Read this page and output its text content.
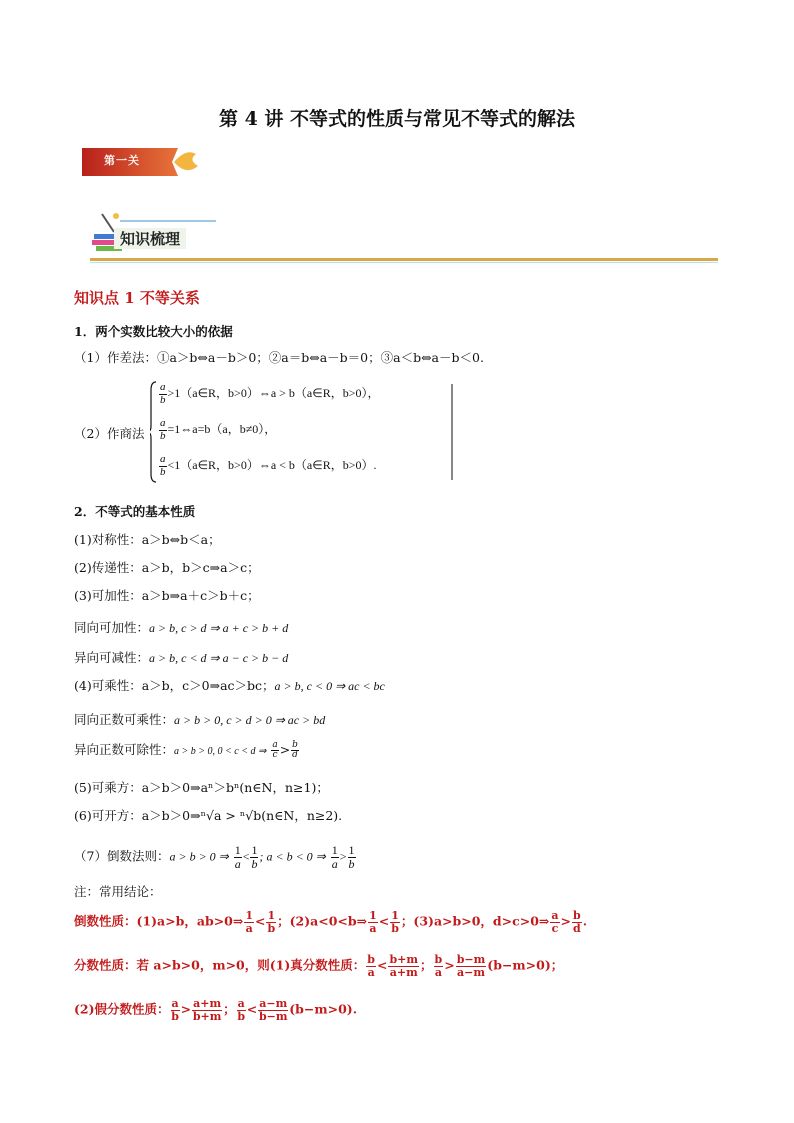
第 4 讲 不等式的性质与常见不等式的解法
第一关
知识梳理
知识点 1 不等关系
1．两个实数比较大小的依据
（1）作差法：①a＞b⇔a－b＞0；②a＝b⇔a－b＝0；③a＜b⇔a－b＜0.
（2）作商法
$\frac{a}{b}$ >1（a∈R，b>0）⇔a > b（a∈R，b>0），
$\frac{a}{b}$ =1⇔a=b（a，b≠0），
$\frac{a}{b}$ <1（a∈R，b>0）⇔a < b（a∈R，b>0）.
2．不等式的基本性质
(1)对称性：a＞b⇔b＜a；
(2)传递性：a＞b，b＞c⇒a＞c；
(3)可加性：a＞b⇒a＋c＞b＋c；
同向可加性：a > b, c > d ⇒ a + c > b + d
异向可减性：a > b, c < d ⇒ a − c > b − d
(4)可乘性：a＞b，c＞0⇒ac＞bc；a > b, c < 0 ⇒ ac < bc
同向正数可乘性：a > b > 0, c > d > 0 ⇒ ac > bd
异向正数可除性：a > b > 0, 0 < c < d ⇒ $\frac{a}{c} > \frac{b}{d}$
(5)可乘方：a＞b＞0⇒aⁿ＞bⁿ(n∈N，n≥1)；
(6)可开方：a＞b＞0⇒ⁿ√a > ⁿ√b(n∈N，n≥2).
（7）倒数法则：a > b > 0 ⇒ $\frac{1}{a} < \frac{1}{b}$ ; a < b < 0 ⇒ $\frac{1}{a} > \frac{1}{b}$
注：常用结论：
倒数性质：(1)a>b，ab>0⇒ $\frac{1}{a} < \frac{1}{b}$ ；(2)a<0<b⇒ $\frac{1}{a} < \frac{1}{b}$ ；(3)a>b>0，d>c>0⇒ $\frac{a}{c} > \frac{b}{d}$ .
分数性质：若 a>b>0，m>0，则(1)真分数性质： $\frac{b}{a} < \frac{b+m}{a+m}$ ； $\frac{b}{a} > \frac{b-m}{a-m} (b-m>0)$；
(2)假分数性质： $\frac{a}{b} > \frac{a+m}{b+m}$ ； $\frac{a}{b} < \frac{a-m}{b-m} (b-m>0)$.
